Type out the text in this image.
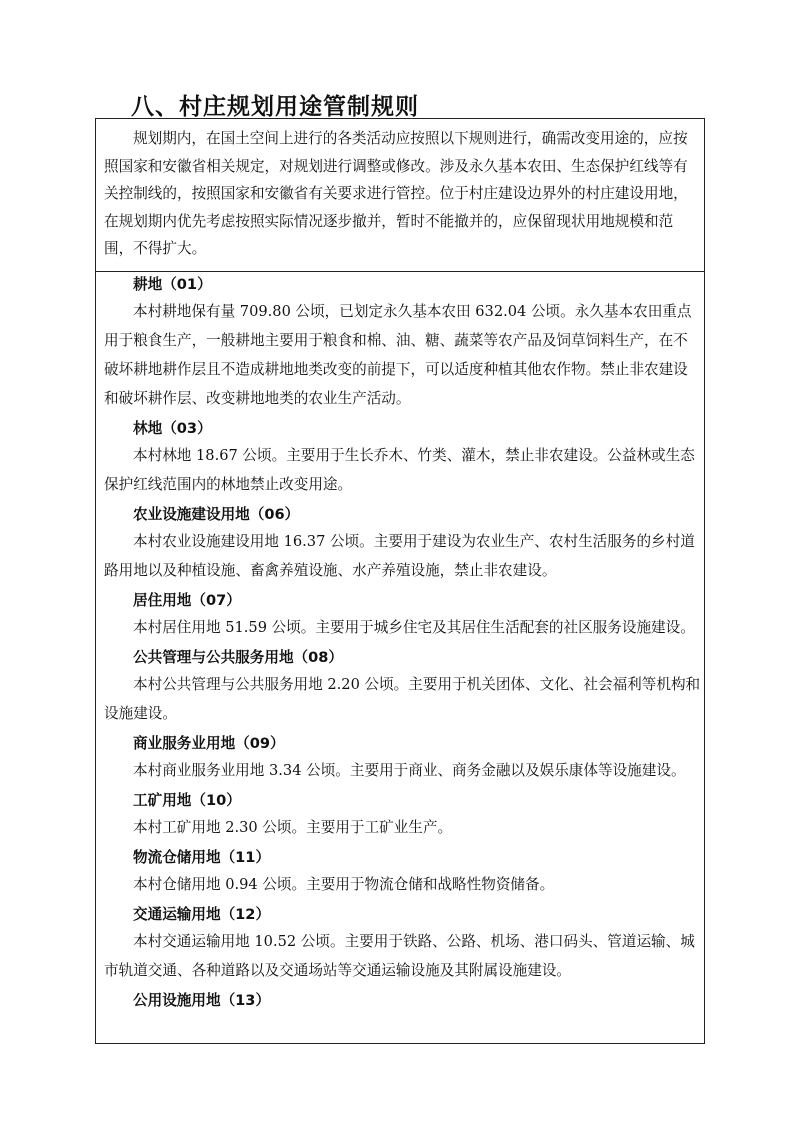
八、村庄规划用途管制规则

规划期内，在国土空间上进行的各类活动应按照以下规则进行，确需改变用途的，应按照国家和安徽省相关规定，对规划进行调整或修改。涉及永久基本农田、生态保护红线等有关控制线的，按照国家和安徽省有关要求进行管控。位于村庄建设边界外的村庄建设用地，在规划期内优先考虑按照实际情况逐步撤并，暂时不能撤并的，应保留现状用地规模和范围，不得扩大。

耕地（01）

本村耕地保有量 709.80 公顷，已划定永久基本农田 632.04 公顷。永久基本农田重点用于粮食生产，一般耕地主要用于粮食和棉、油、糖、蔬菜等农产品及饲草饲料生产，在不破坏耕地耕作层且不造成耕地地类改变的前提下，可以适度种植其他农作物。禁止非农建设和破坏耕作层、改变耕地地类的农业生产活动。

林地（03）

本村林地 18.67 公顷。主要用于生长乔木、竹类、灌木，禁止非农建设。公益林或生态保护红线范围内的林地禁止改变用途。

农业设施建设用地（06）

本村农业设施建设用地 16.37 公顷。主要用于建设为农业生产、农村生活服务的乡村道路用地以及种植设施、畜禽养殖设施、水产养殖设施，禁止非农建设。

居住用地（07）

本村居住用地 51.59 公顷。主要用于城乡住宅及其居住生活配套的社区服务设施建设。

公共管理与公共服务用地（08）

本村公共管理与公共服务用地 2.20 公顷。主要用于机关团体、文化、社会福利等机构和设施建设。

商业服务业用地（09）

本村商业服务业用地 3.34 公顷。主要用于商业、商务金融以及娱乐康体等设施建设。

工矿用地（10）

本村工矿用地 2.30 公顷。主要用于工矿业生产。

物流仓储用地（11）

本村仓储用地 0.94 公顷。主要用于物流仓储和战略性物资储备。

交通运输用地（12）

本村交通运输用地 10.52 公顷。主要用于铁路、公路、机场、港口码头、管道运输、城市轨道交通、各种道路以及交通场站等交通运输设施及其附属设施建设。

公用设施用地（13）
